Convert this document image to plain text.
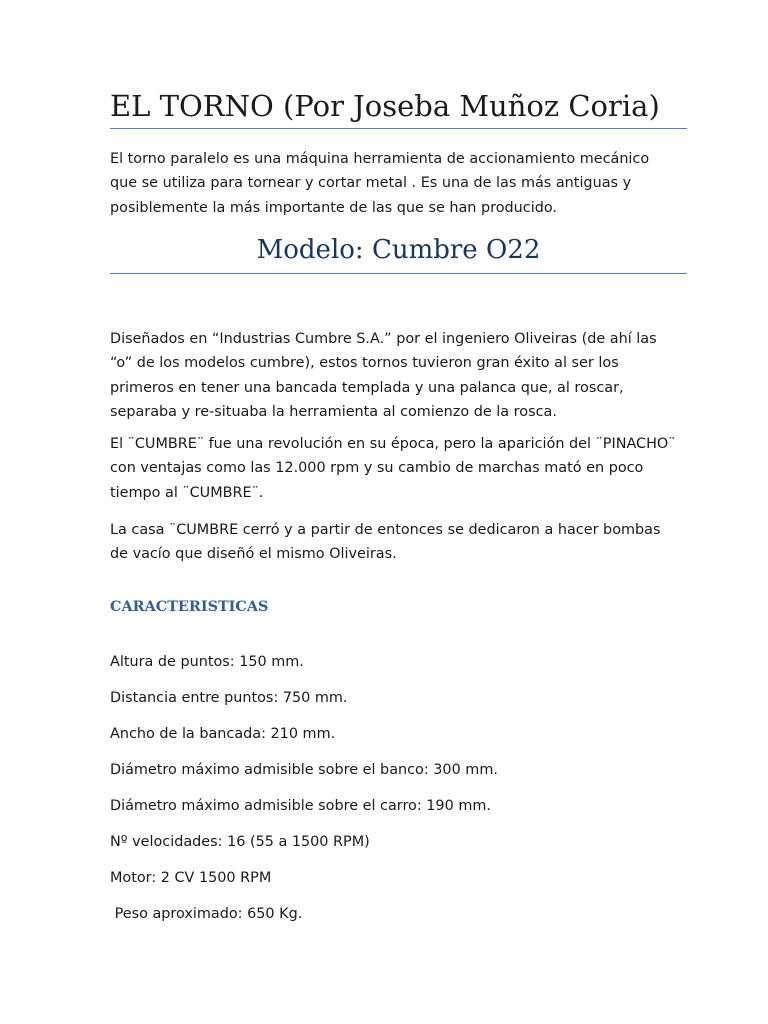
EL TORNO (Por Joseba Muñoz Coria)

El torno paralelo es una máquina herramienta de accionamiento mecánico
que se utiliza para tornear y cortar metal . Es una de las más antiguas y
posiblemente la más importante de las que se han producido.

Modelo: Cumbre O22

Diseñados en “Industrias Cumbre S.A.” por el ingeniero Oliveiras (de ahí las
“o” de los modelos cumbre), estos tornos tuvieron gran éxito al ser los
primeros en tener una bancada templada y una palanca que, al roscar,
separaba y re-situaba la herramienta al comienzo de la rosca.

El ¨CUMBRE¨ fue una revolución en su época, pero la aparición del ¨PINACHO¨
con ventajas como las 12.000 rpm y su cambio de marchas mató en poco
tiempo al ¨CUMBRE¨.

La casa ¨CUMBRE cerró y a partir de entonces se dedicaron a hacer bombas
de vacío que diseñó el mismo Oliveiras.

CARACTERISTICAS
Altura de puntos: 150 mm.
Distancia entre puntos: 750 mm.
Ancho de la bancada: 210 mm.
Diámetro máximo admisible sobre el banco: 300 mm.
Diámetro máximo admisible sobre el carro: 190 mm.
Nº velocidades: 16 (55 a 1500 RPM)
Motor: 2 CV 1500 RPM
Peso aproximado: 650 Kg.
